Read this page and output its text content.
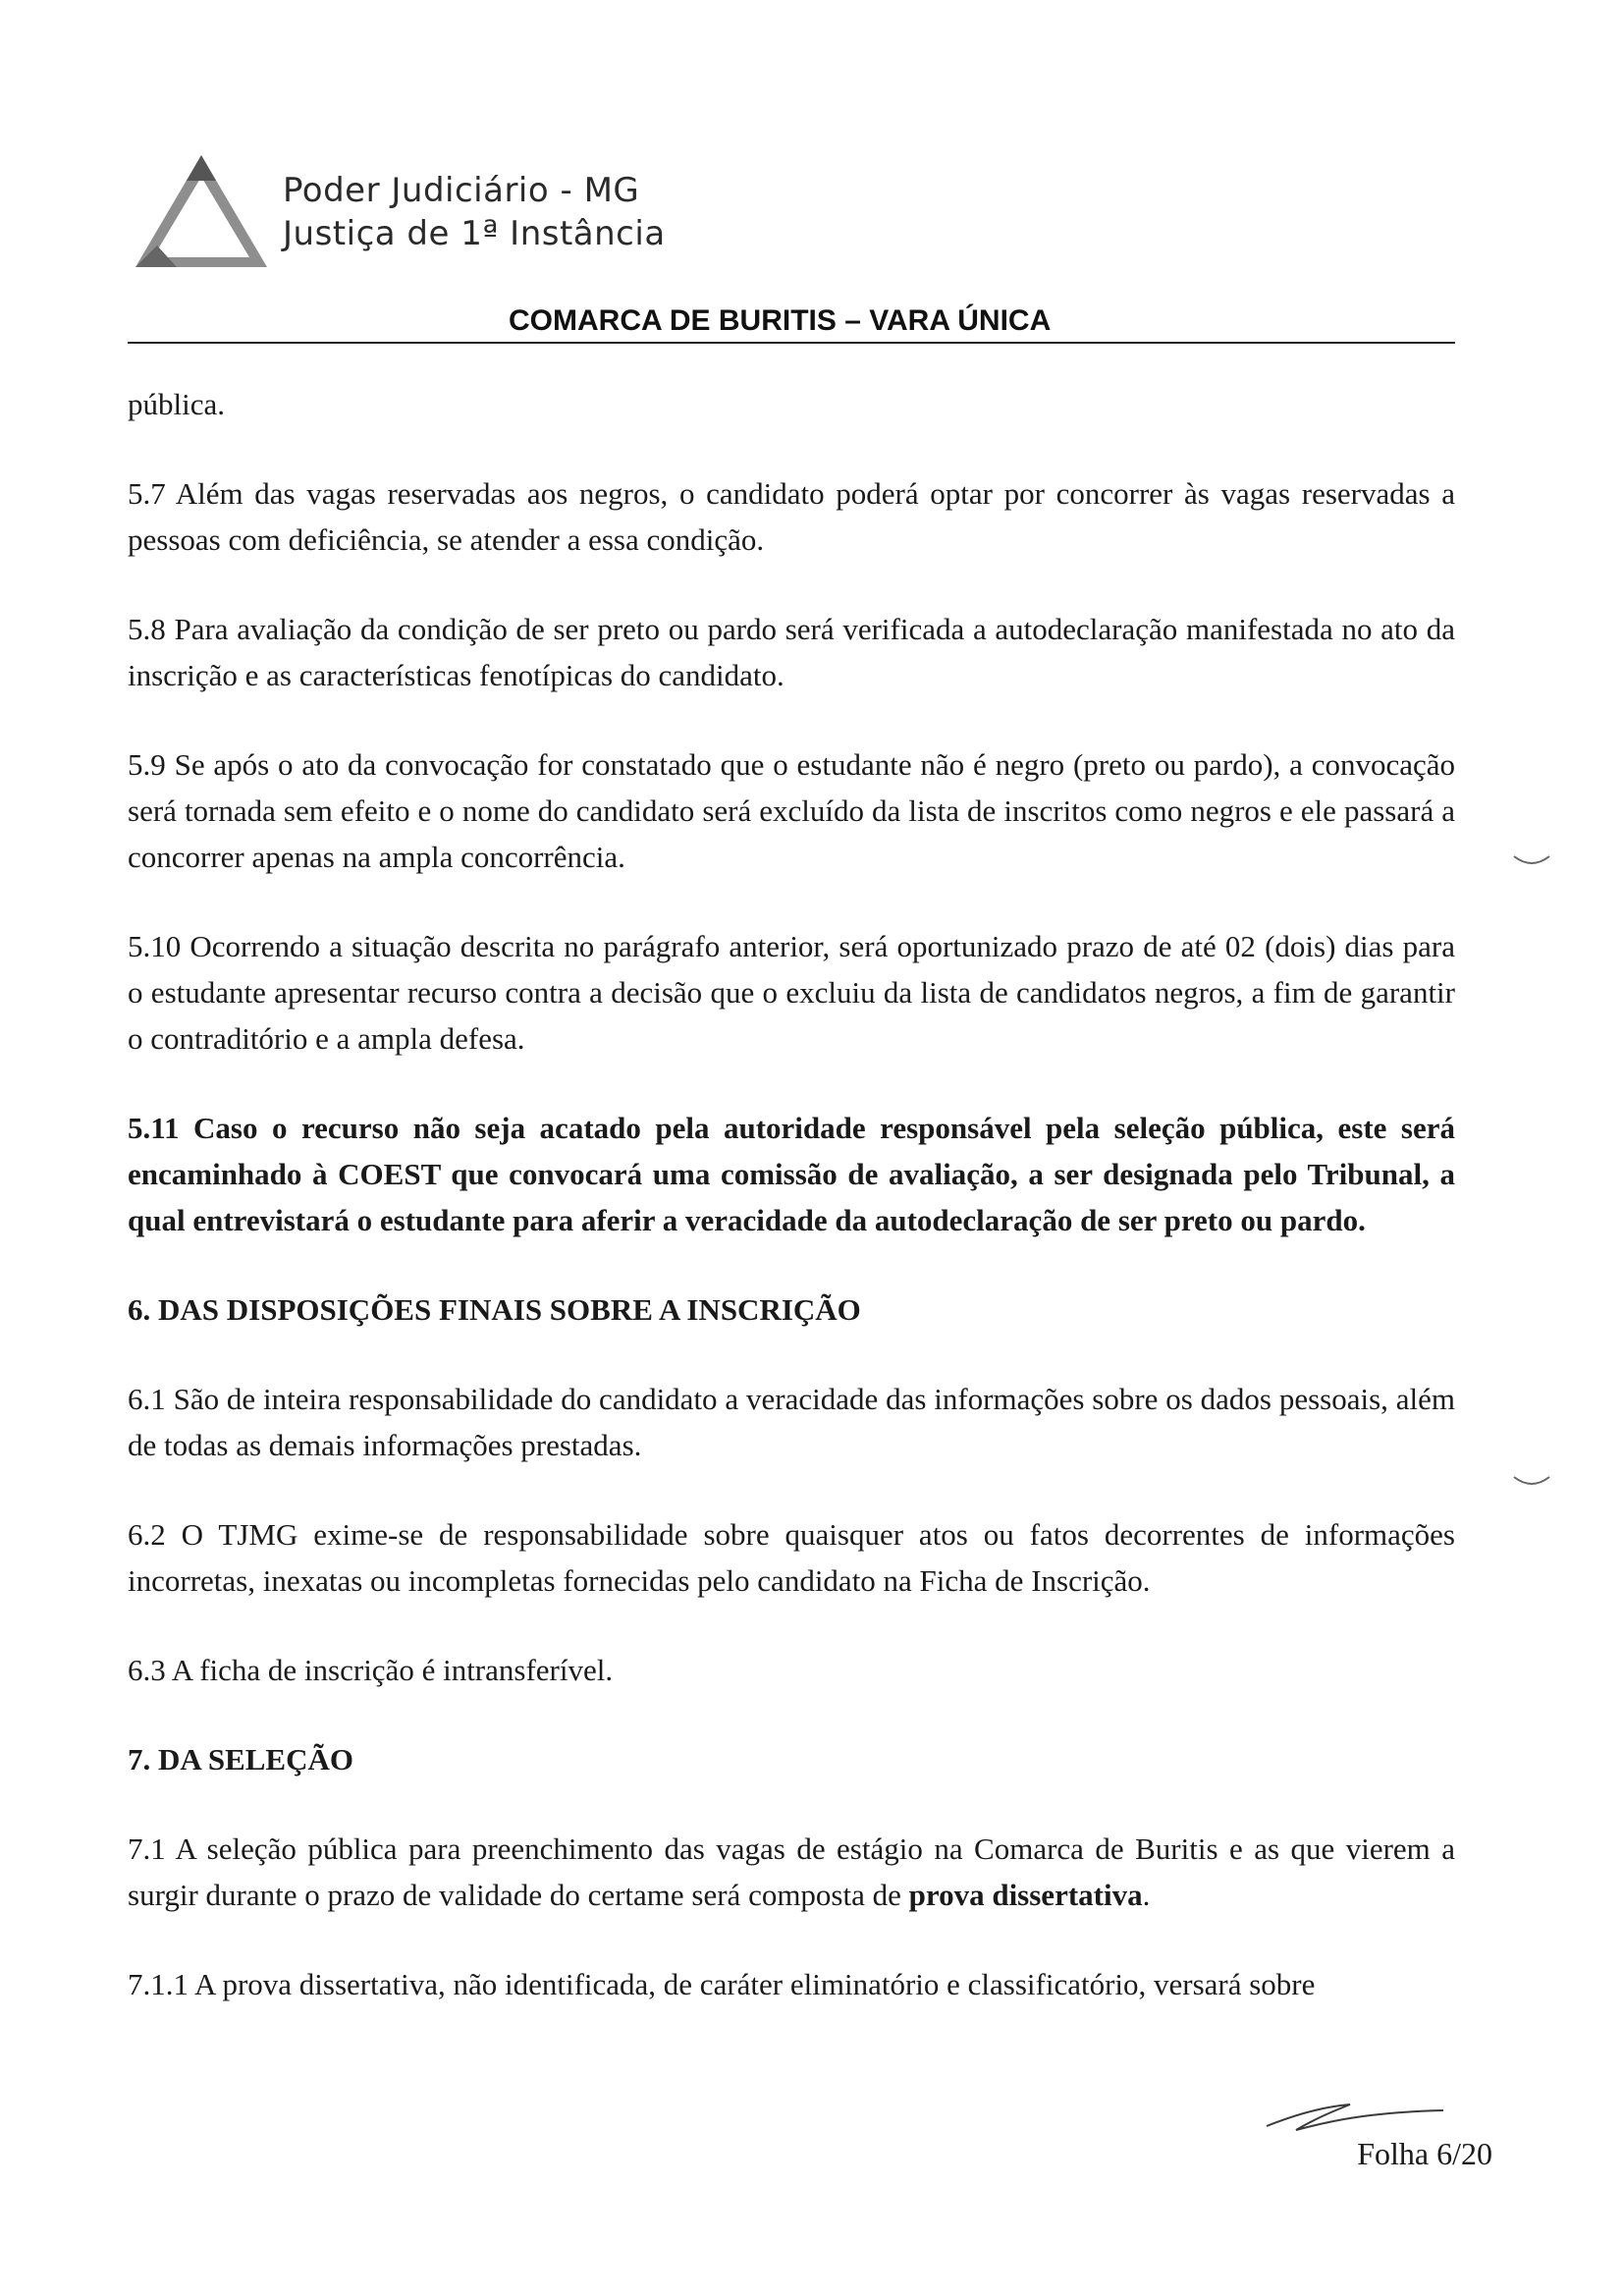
Poder Judiciário - MG
Justiça de 1ª Instância
COMARCA DE BURITIS – VARA ÚNICA

pública.

5.7 Além das vagas reservadas aos negros, o candidato poderá optar por concorrer às vagas reservadas a pessoas com deficiência, se atender a essa condição.

5.8 Para avaliação da condição de ser preto ou pardo será verificada a autodeclaração manifestada no ato da inscrição e as características fenotípicas do candidato.

5.9 Se após o ato da convocação for constatado que o estudante não é negro (preto ou pardo), a convocação será tornada sem efeito e o nome do candidato será excluído da lista de inscritos como negros e ele passará a concorrer apenas na ampla concorrência.

5.10 Ocorrendo a situação descrita no parágrafo anterior, será oportunizado prazo de até 02 (dois) dias para o estudante apresentar recurso contra a decisão que o excluiu da lista de candidatos negros, a fim de garantir o contraditório e a ampla defesa.

5.11 Caso o recurso não seja acatado pela autoridade responsável pela seleção pública, este será encaminhado à COEST que convocará uma comissão de avaliação, a ser designada pelo Tribunal, a qual entrevistará o estudante para aferir a veracidade da autodeclaração de ser preto ou pardo.

6. DAS DISPOSIÇÕES FINAIS SOBRE A INSCRIÇÃO

6.1 São de inteira responsabilidade do candidato a veracidade das informações sobre os dados pessoais, além de todas as demais informações prestadas.

6.2 O TJMG exime-se de responsabilidade sobre quaisquer atos ou fatos decorrentes de informações incorretas, inexatas ou incompletas fornecidas pelo candidato na Ficha de Inscrição.

6.3 A ficha de inscrição é intransferível.

7. DA SELEÇÃO

7.1 A seleção pública para preenchimento das vagas de estágio na Comarca de Buritis e as que vierem a surgir durante o prazo de validade do certame será composta de prova dissertativa.

7.1.1 A prova dissertativa, não identificada, de caráter eliminatório e classificatório, versará sobre

Folha 6/20
